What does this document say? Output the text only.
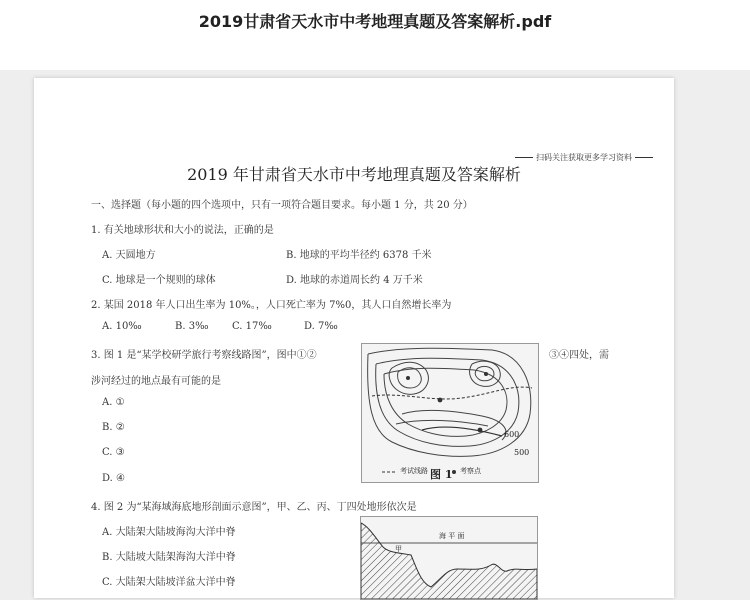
2019甘肃省天水市中考地理真题及答案解析.pdf
扫码关注获取更多学习资料
2019 年甘肃省天水市中考地理真题及答案解析
一、选择题（每小题的四个选项中，只有一项符合题目要求。每小题 1 分，共 20 分）
1. 有关地球形状和大小的说法，正确的是
A. 天圆地方	B. 地球的平均半径约 6378 千米
C. 地球是一个规则的球体	D. 地球的赤道周长约 4 万千米
2. 某国 2018 年人口出生率为 10%。，人口死亡率为 7%0，其人口自然增长率为
A. 10‰	B. 3‰ C. 17‰	D. 7‰
3. 图 1 是“某学校研学旅行考察线路图”，图中①②	③④四处，需
涉河经过的地点最有可能的是
A. ①
B. ②
C. ③
D. ④
600
500
考试线路	考察点
图 1
4. 图 2 为“某海域海底地形剖面示意图”，甲、乙、丙、丁四处地形依次是
A. 大陆架大陆坡海沟大洋中脊
B. 大陆坡大陆架海沟大洋中脊
C. 大陆架大陆坡洋盆大洋中脊
海 平 面
甲
